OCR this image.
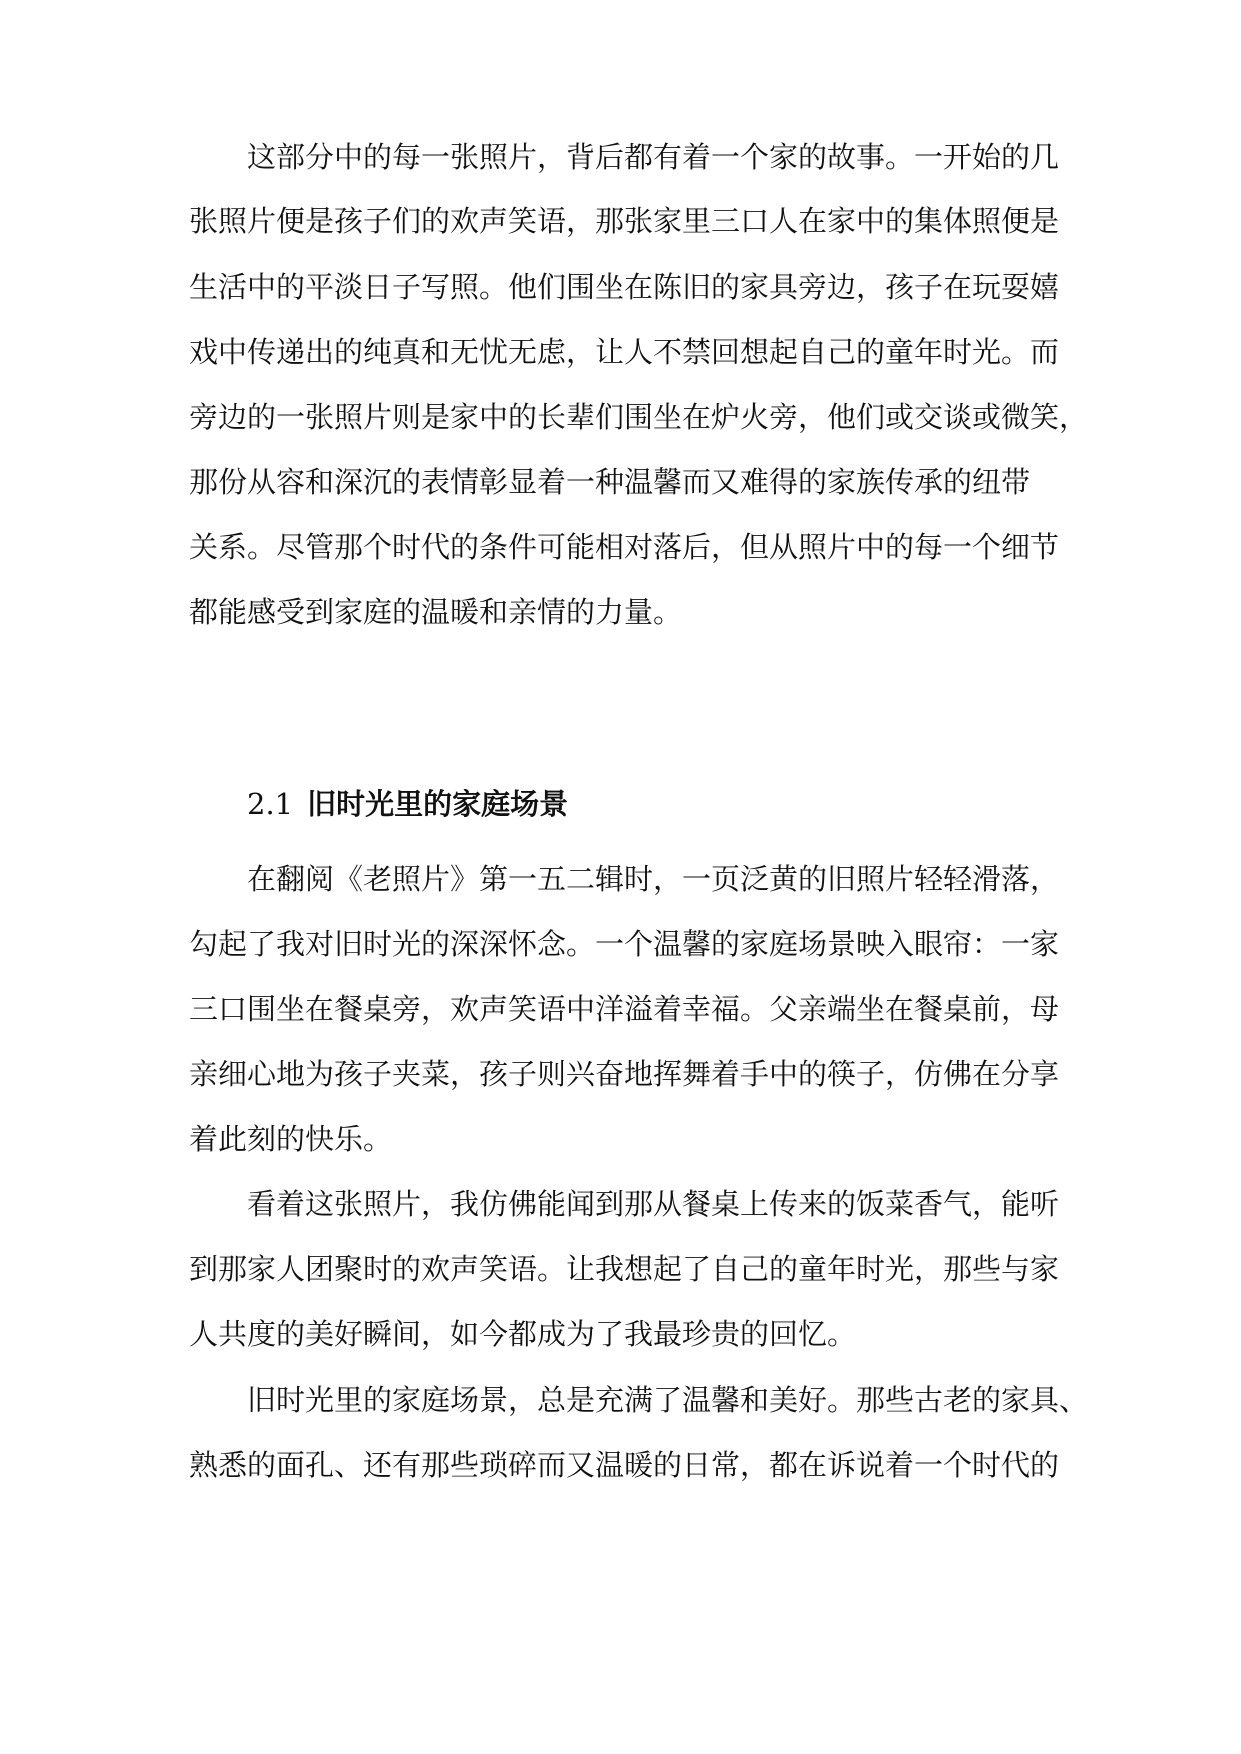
这部分中的每一张照片，背后都有着一个家的故事。一开始的几
张照片便是孩子们的欢声笑语，那张家里三口人在家中的集体照便是
生活中的平淡日子写照。他们围坐在陈旧的家具旁边，孩子在玩耍嬉
戏中传递出的纯真和无忧无虑，让人不禁回想起自己的童年时光。而
旁边的一张照片则是家中的长辈们围坐在炉火旁，他们或交谈或微笑，
那份从容和深沉的表情彰显着一种温馨而又难得的家族传承的纽带
关系。尽管那个时代的条件可能相对落后，但从照片中的每一个细节
都能感受到家庭的温暖和亲情的力量。
2.1 旧时光里的家庭场景
在翻阅《老照片》第一五二辑时，一页泛黄的旧照片轻轻滑落，
勾起了我对旧时光的深深怀念。一个温馨的家庭场景映入眼帘：一家
三口围坐在餐桌旁，欢声笑语中洋溢着幸福。父亲端坐在餐桌前，母
亲细心地为孩子夹菜，孩子则兴奋地挥舞着手中的筷子，仿佛在分享
着此刻的快乐。
看着这张照片，我仿佛能闻到那从餐桌上传来的饭菜香气，能听
到那家人团聚时的欢声笑语。让我想起了自己的童年时光，那些与家
人共度的美好瞬间，如今都成为了我最珍贵的回忆。
旧时光里的家庭场景，总是充满了温馨和美好。那些古老的家具、
熟悉的面孔、还有那些琐碎而又温暖的日常，都在诉说着一个时代的
